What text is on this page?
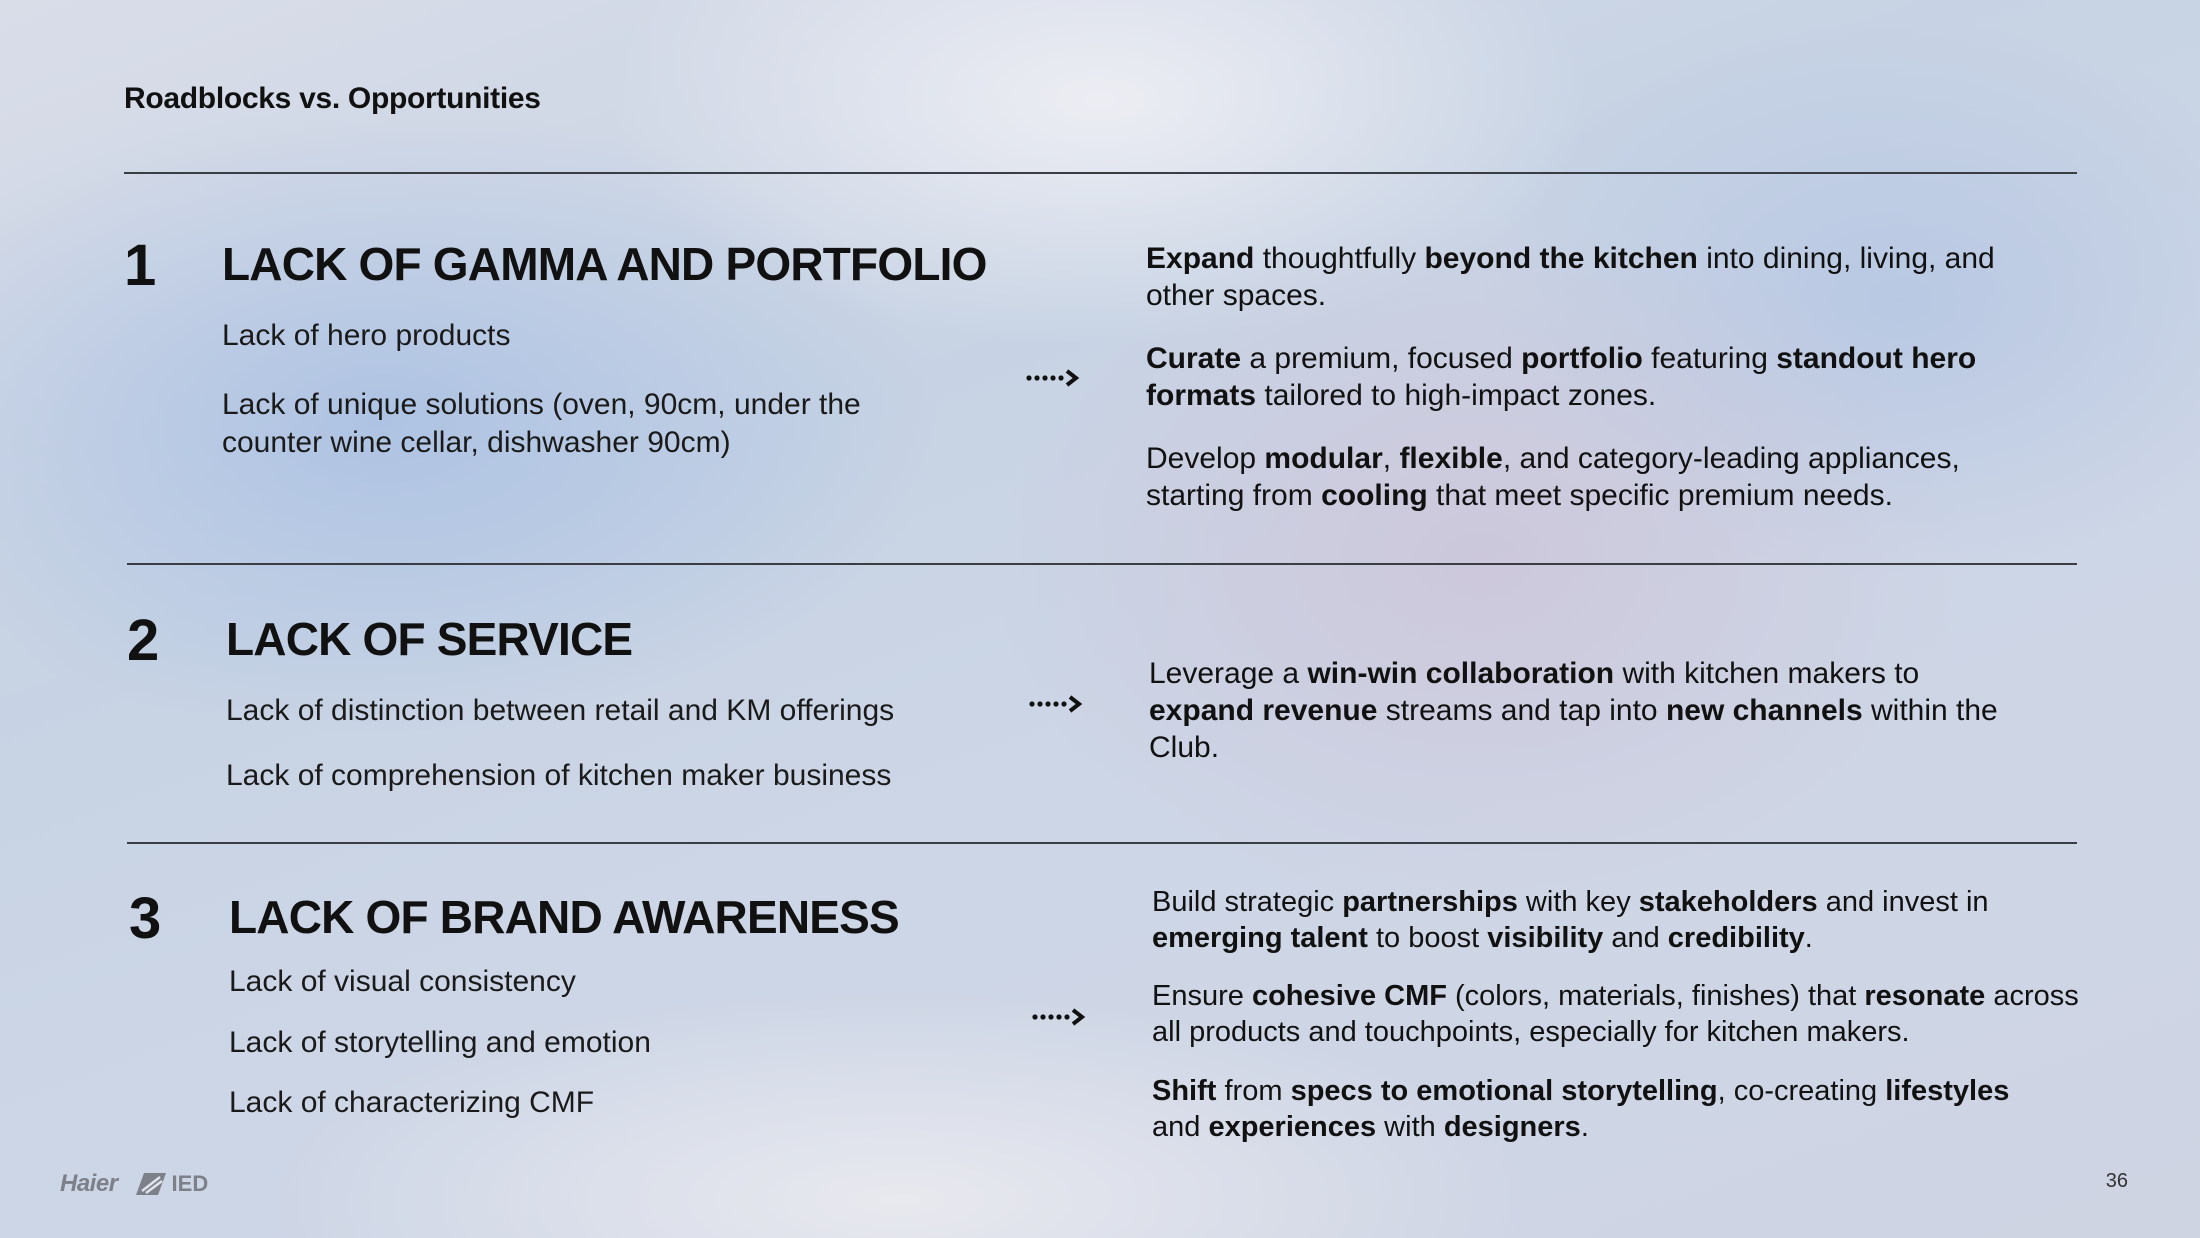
Roadblocks vs. Opportunities
1 LACK OF GAMMA AND PORTFOLIO
Lack of hero products
Lack of unique solutions (oven, 90cm, under the counter wine cellar, dishwasher 90cm)
Expand thoughtfully beyond the kitchen into dining, living, and other spaces.
Curate a premium, focused portfolio featuring standout hero formats tailored to high-impact zones.
Develop modular, flexible, and category-leading appliances, starting from cooling that meet specific premium needs.
2 LACK OF SERVICE
Lack of distinction between retail and KM offerings
Lack of comprehension of kitchen maker business
Leverage a win-win collaboration with kitchen makers to expand revenue streams and tap into new channels within the Club.
3 LACK OF BRAND AWARENESS
Lack of visual consistency
Lack of storytelling and emotion
Lack of characterizing CMF
Build strategic partnerships with key stakeholders and invest in emerging talent to boost visibility and credibility.
Ensure cohesive CMF (colors, materials, finishes) that resonate across all products and touchpoints, especially for kitchen makers.
Shift from specs to emotional storytelling, co-creating lifestyles and experiences with designers.
Haier IED	36
